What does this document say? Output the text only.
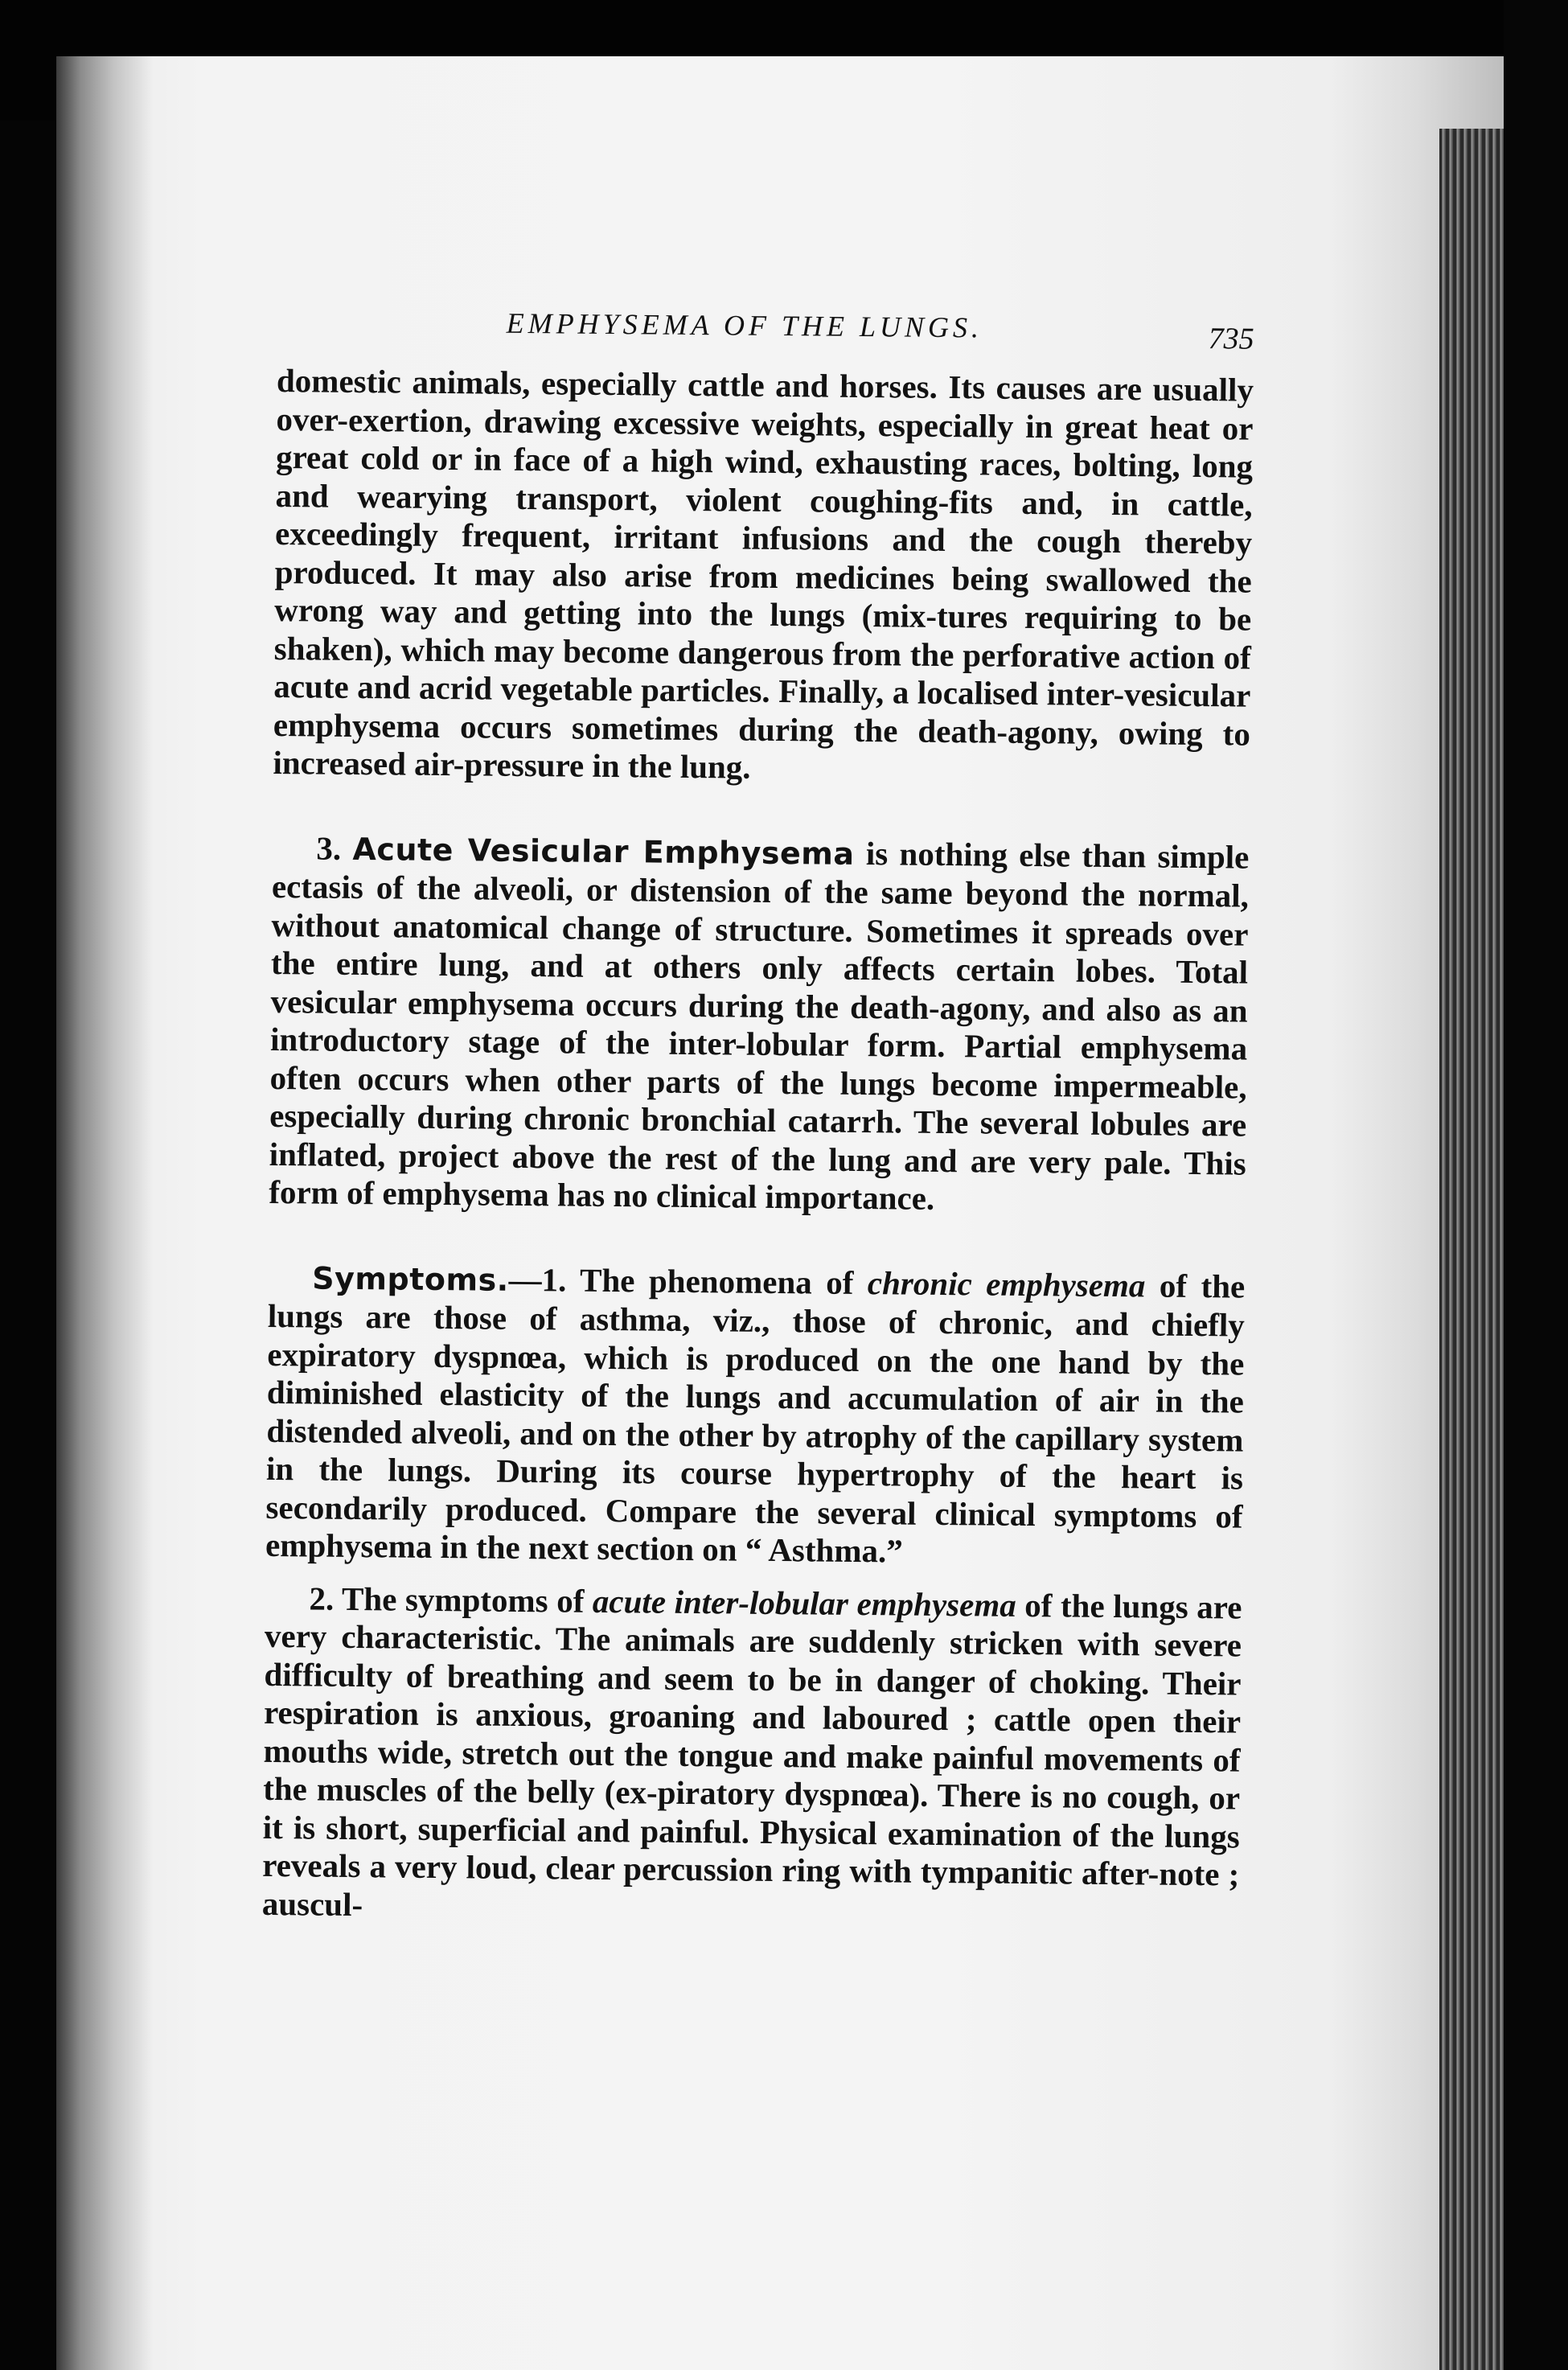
EMPHYSEMA OF THE LUNGS.	735

domestic animals, especially cattle and horses. Its causes are usually over-exertion, drawing excessive weights, especially in great heat or great cold or in face of a high wind, exhausting races, bolting, long and wearying transport, violent coughing-fits and, in cattle, exceedingly frequent, irritant infusions and the cough thereby produced. It may also arise from medicines being swallowed the wrong way and getting into the lungs (mix-tures requiring to be shaken), which may become dangerous from the perforative action of acute and acrid vegetable particles. Finally, a localised inter-vesicular emphysema occurs sometimes during the death-agony, owing to increased air-pressure in the lung.

3. Acute Vesicular Emphysema is nothing else than simple ectasis of the alveoli, or distension of the same beyond the normal, without anatomical change of structure. Sometimes it spreads over the entire lung, and at others only affects certain lobes. Total vesicular emphysema occurs during the death-agony, and also as an introductory stage of the inter-lobular form. Partial emphysema often occurs when other parts of the lungs become impermeable, especially during chronic bronchial catarrh. The several lobules are inflated, project above the rest of the lung and are very pale. This form of emphysema has no clinical importance.

Symptoms.—1. The phenomena of chronic emphysema of the lungs are those of asthma, viz., those of chronic, and chiefly expiratory dyspnœa, which is produced on the one hand by the diminished elasticity of the lungs and accumulation of air in the distended alveoli, and on the other by atrophy of the capillary system in the lungs. During its course hypertrophy of the heart is secondarily produced. Compare the several clinical symptoms of emphysema in the next section on “ Asthma.”

2. The symptoms of acute inter-lobular emphysema of the lungs are very characteristic. The animals are suddenly stricken with severe difficulty of breathing and seem to be in danger of choking. Their respiration is anxious, groaning and laboured ; cattle open their mouths wide, stretch out the tongue and make painful movements of the muscles of the belly (ex-piratory dyspnœa). There is no cough, or it is short, superficial and painful. Physical examination of the lungs reveals a very loud, clear percussion ring with tympanitic after-note ; auscul-
